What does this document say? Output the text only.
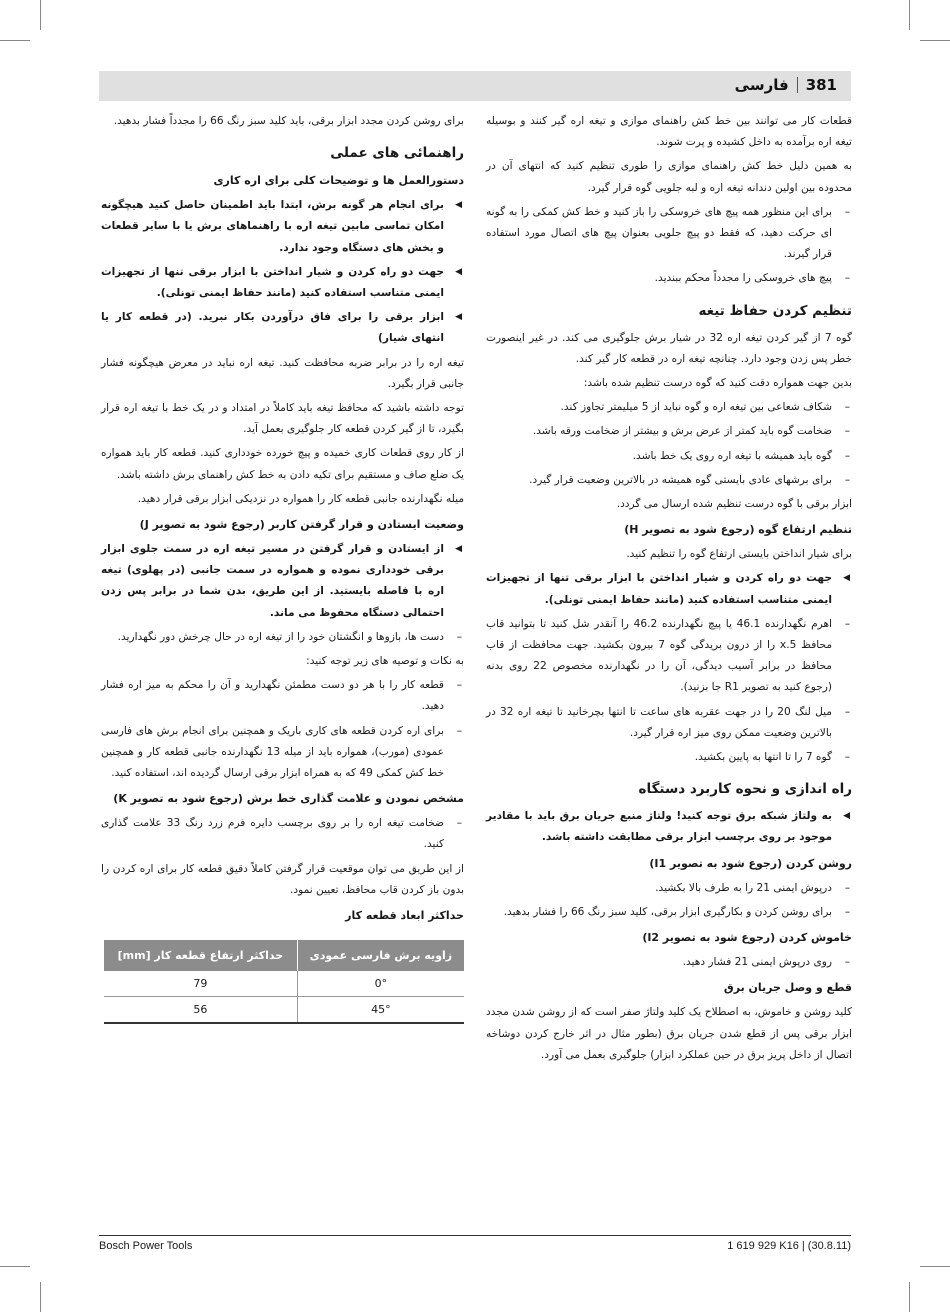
381
فارسی

قطعات کار می توانند بین خط کش راهنمای موازی و تیغه اره گیر کنند و بوسیله تیغه اره برآمده به داخل کشیده و پرت شوند.

به همین دلیل خط کش راهنمای موازی را طوری تنظیم کنید که انتهای آن در محدوده بین اولین دندانه تیغه اره و لبه جلویی گوه قرار گیرد.

– برای این منظور همه پیچ های خروسکی را باز کنید و خط کش کمکی را به گونه ای حرکت دهید، که فقط دو پیچ جلویی بعنوان پیچ های اتصال مورد استفاده قرار گیرند.

– پیچ های خروسکی را مجدداً محکم ببندید.

تنظیم کردن حفاظ تیغه

گوه 7 از گیر کردن تیغه اره 32 در شیار برش جلوگیری می کند. در غیر اینصورت خطر پس زدن وجود دارد. چنانچه تیغه اره در قطعه کار گیر کند.

بدین جهت همواره دقت کنید که گوه درست تنظیم شده باشد:

– شکاف شعاعی بین تیغه اره و گوه نباید از 5 میلیمتر تجاوز کند.

– ضخامت گوه باید کمتر از عرض برش و بیشتر از ضخامت ورقه باشد.

– گوه باید همیشه با تیغه اره روی یک خط باشد.

– برای برشهای عادی بایستی گوه همیشه در بالاترین وضعیت قرار گیرد.

ابزار برقی با گوه درست تنظیم شده ارسال می گردد.

تنظیم ارتفاع گوه (رجوع شود به تصویر H)

برای شیار انداختن بایستی ارتفاع گوه را تنظیم کنید.

◀ جهت دو راه کردن و شیار انداختن با ابزار برقی تنها از تجهیزات ایمنی متناسب استفاده کنید (مانند حفاظ ایمنی تونلی).

– اهرم نگهدارنده 46.1 یا پیچ نگهدارنده 46.2 را آنقدر شل کنید تا بتوانید قاب محافظ 5.x را از درون بریدگی گوه 7 بیرون بکشید. جهت محافظت از قاب محافظ در برابر آسیب دیدگی، آن را در نگهدارنده مخصوص 22 روی بدنه (رجوع کنید به تصویر R1 جا بزنید).

– میل لنگ 20 را در جهت عقربه های ساعت تا انتها بچرخانید تا تیغه اره 32 در بالاترین وضعیت ممکن روی میز اره قرار گیرد.

– گوه 7 را تا انتها به پایین بکشید.

راه اندازی و نحوه کاربرد دستگاه

◀ به ولتاژ شبکه برق توجه کنید! ولتاژ منبع جریان برق باید با مقادیر موجود بر روی برچسب ابزار برقی مطابقت داشته باشد.

روشن کردن (رجوع شود به تصویر I1)

– درپوش ایمنی 21 را به طرف بالا بکشید.

– برای روشن کردن و بکارگیری ابزار برقی، کلید سبز رنگ 66 را فشار بدهید.

خاموش کردن (رجوع شود به تصویر I2)

– روی درپوش ایمنی 21 فشار دهید.

قطع و وصل جریان برق

کلید روشن و خاموش، به اصطلاح یک کلید ولتاژ صفر است که از روشن شدن مجدد ابزار برقی پس از قطع شدن جریان برق (بطور مثال در اثر خارج کردن دوشاخه اتصال از داخل پریز برق در حین عملکرد ابزار) جلوگیری بعمل می آورد.

برای روشن کردن مجدد ابزار برقی، باید کلید سبز رنگ 66 را مجدداً فشار بدهید.

راهنمائی های عملی
دستورالعمل ها و توضیحات کلی برای اره کاری

◀ برای انجام هر گونه برش، ابتدا باید اطمینان حاصل کنید هیچگونه امکان تماسی مابین تیغه اره با راهنماهای برش یا با سایر قطعات و بخش های دستگاه وجود ندارد.

◀ جهت دو راه کردن و شیار انداختن با ابزار برقی تنها از تجهیزات ایمنی متناسب استفاده کنید (مانند حفاظ ایمنی تونلی).

◀ ابزار برقی را برای فاق درآوردن بکار نبرید. (در قطعه کار یا انتهای شیار)

تیغه اره را در برابر ضربه محافظت کنید. تیغه اره نباید در معرض هیچگونه فشار جانبی قرار بگیرد.

توجه داشته باشید که محافظ تیغه باید کاملاً در امتداد و در یک خط با تیغه اره قرار بگیرد، تا از گیر کردن قطعه کار جلوگیری بعمل آید.

از کار روی قطعات کاری خمیده و پیچ خورده خودداری کنید. قطعه کار باید همواره یک ضلع صاف و مستقیم برای تکیه دادن به خط کش راهنمای برش داشته باشد.

میله نگهدارنده جانبی قطعه کار را همواره در نزدیکی ابزار برقی قرار دهید.

وضعیت ایستادن و قرار گرفتن کاربر (رجوع شود به تصویر J)

◀ از ایستادن و قرار گرفتن در مسیر تیغه اره در سمت جلوی ابزار برقی خودداری نموده و همواره در سمت جانبی (در پهلوی) تیغه اره با فاصله بایستید. از این طریق، بدن شما در برابر پس زدن احتمالی دستگاه محفوظ می ماند.

– دست ها، بازوها و انگشتان خود را از تیغه اره در حال چرخش دور نگهدارید.

به نکات و توصیه های زیر توجه کنید:

– قطعه کار را با هر دو دست مطمئن نگهدارید و آن را محکم به میز اره فشار دهید.

– برای اره کردن قطعه های کاری باریک و همچنین برای انجام برش های فارسی عمودی (مورب)، همواره باید از میله 13 نگهدارنده جانبی قطعه کار و همچنین خط کش کمکی 49 که به همراه ابزار برقی ارسال گردیده اند، استفاده کنید.

مشخص نمودن و علامت گذاری خط برش (رجوع شود به تصویر K)

– ضخامت تیغه اره را بر روی برچسب دایره فرم زرد رنگ 33 علامت گذاری کنید.

از این طریق می توان موقعیت قرار گرفتن کاملاً دقیق قطعه کار برای اره کردن را بدون باز کردن قاب محافظ، تعیین نمود.

حداکثر ابعاد قطعه کار
زاویه برش فارسی عمودی	حداکثر ارتفاع قطعه کار [mm]
0°	79
45°	56
Bosch Power Tools	1 619 929 K16 | (30.8.11)
